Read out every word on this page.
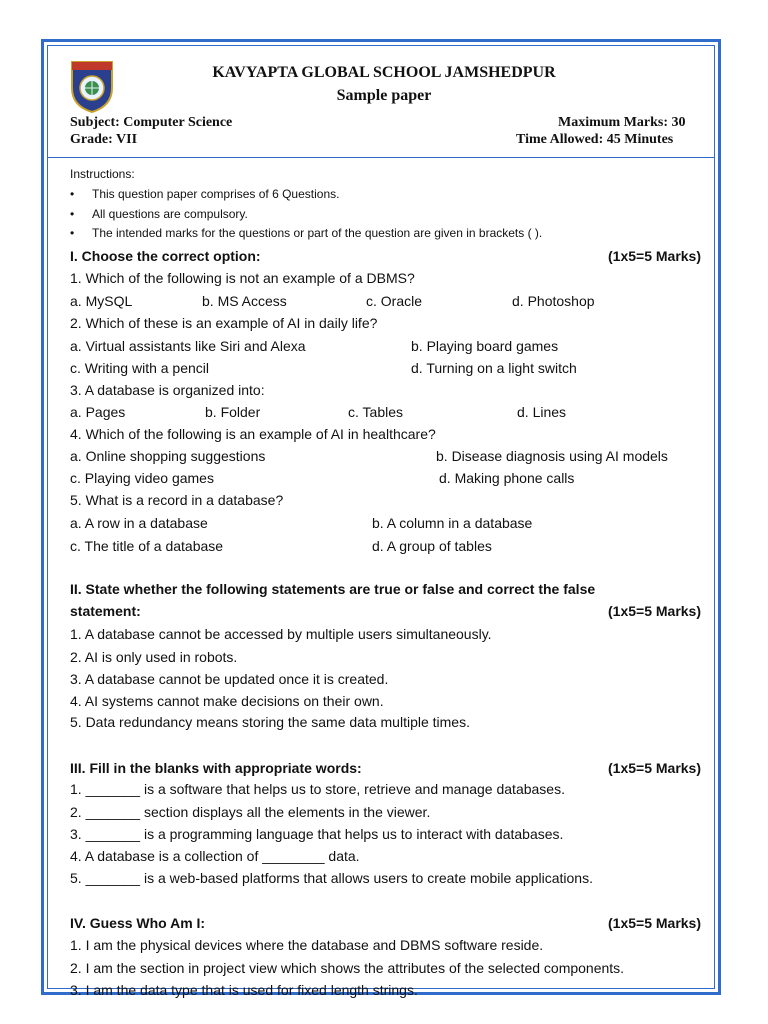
KAVYAPTA GLOBAL SCHOOL JAMSHEDPUR
Sample paper
Subject: Computer Science
Grade: VII
Maximum Marks: 30
Time Allowed: 45 Minutes
Instructions:
• This question paper comprises of 6 Questions.
• All questions are compulsory.
• The intended marks for the questions or part of the question are given in brackets ( ).
I. Choose the correct option:	(1x5=5 Marks)
1. Which of the following is not an example of a DBMS?
a. MySQL	b. MS Access	c. Oracle	d. Photoshop
2. Which of these is an example of AI in daily life?
a. Virtual assistants like Siri and Alexa	b. Playing board games
c. Writing with a pencil	d. Turning on a light switch
3. A database is organized into:
a. Pages	b. Folder	c. Tables	d. Lines
4. Which of the following is an example of AI in healthcare?
a. Online shopping suggestions	b. Disease diagnosis using AI models
c. Playing video games	d. Making phone calls
5. What is a record in a database?
a. A row in a database	b. A column in a database
c. The title of a database	d. A group of tables
II. State whether the following statements are true or false and correct the false
statement:	(1x5=5 Marks)
1. A database cannot be accessed by multiple users simultaneously.
2. AI is only used in robots.
3. A database cannot be updated once it is created.
4. AI systems cannot make decisions on their own.
5. Data redundancy means storing the same data multiple times.
III. Fill in the blanks with appropriate words:	(1x5=5 Marks)
1. _______ is a software that helps us to store, retrieve and manage databases.
2. _______ section displays all the elements in the viewer.
3. _______ is a programming language that helps us to interact with databases.
4. A database is a collection of ________ data.
5. _______ is a web-based platforms that allows users to create mobile applications.
IV. Guess Who Am I:	(1x5=5 Marks)
1. I am the physical devices where the database and DBMS software reside.
2. I am the section in project view which shows the attributes of the selected components.
3. I am the data type that is used for fixed length strings.
